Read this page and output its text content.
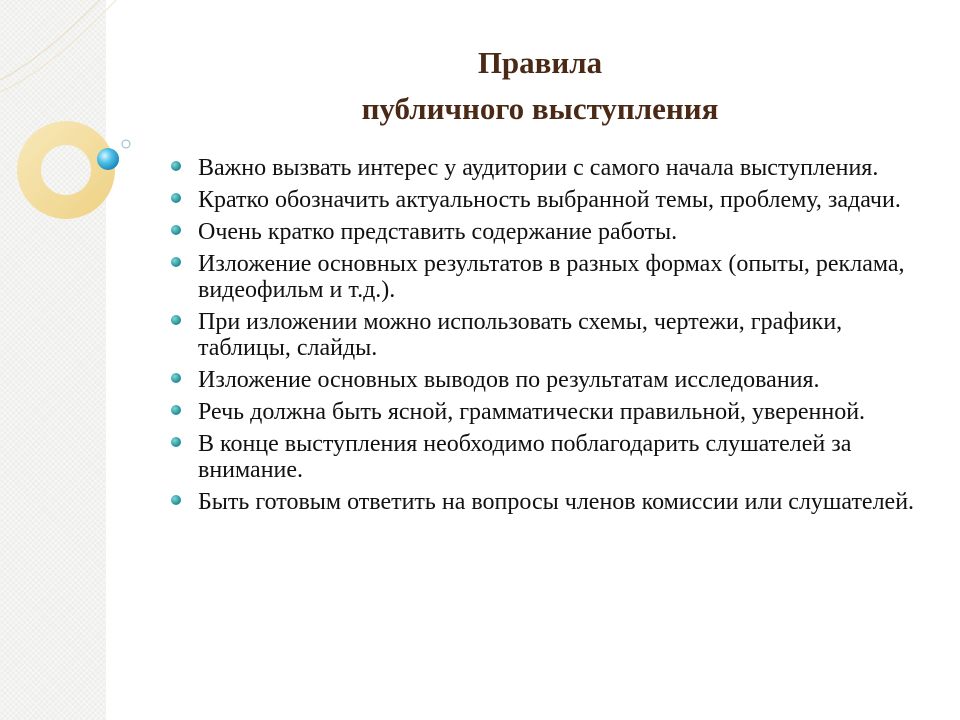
Правила
публичного выступления
Важно вызвать интерес у аудитории с самого начала выступления.
Кратко обозначить актуальность выбранной темы, проблему, задачи.
Очень кратко представить содержание работы.
Изложение основных результатов в разных формах (опыты, реклама, видеофильм и т.д.).
При изложении можно использовать схемы, чертежи, графики, таблицы, слайды.
Изложение основных выводов по результатам исследования.
Речь должна быть ясной, грамматически правильной, уверенной.
В конце выступления необходимо поблагодарить слушателей за внимание.
Быть готовым ответить на вопросы членов комиссии или слушателей.
